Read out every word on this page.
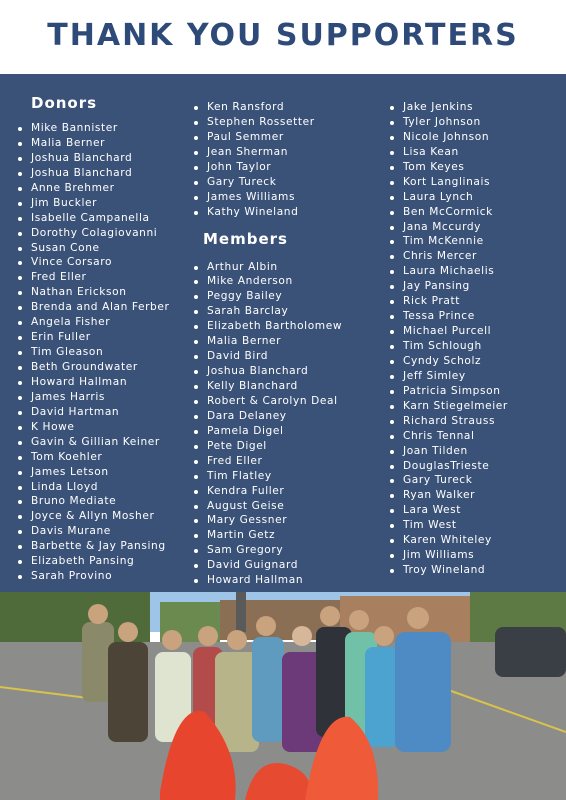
THANK YOU SUPPORTERS
Donors
Mike Bannister
Malia Berner
Joshua Blanchard
Joshua Blanchard
Anne Brehmer
Jim Buckler
Isabelle Campanella
Dorothy Colagiovanni
Susan Cone
Vince Corsaro
Fred Eller
Nathan Erickson
Brenda and Alan Ferber
Angela Fisher
Erin Fuller
Tim Gleason
Beth Groundwater
Howard Hallman
James Harris
David Hartman
K Howe
Gavin & Gillian Keiner
Tom Koehler
James Letson
Linda Lloyd
Bruno Mediate
Joyce & Allyn Mosher
Davis Murane
Barbette & Jay Pansing
Elizabeth Pansing
Sarah Provino
Ken Ransford
Stephen Rossetter
Paul Semmer
Jean Sherman
John Taylor
Gary Tureck
James Williams
Kathy Wineland
Members
Arthur Albin
Mike Anderson
Peggy Bailey
Sarah Barclay
Elizabeth Bartholomew
Malia Berner
David Bird
Joshua Blanchard
Kelly Blanchard
Robert & Carolyn Deal
Dara Delaney
Pamela Digel
Pete Digel
Fred Eller
Tim Flatley
Kendra Fuller
August Geise
Mary Gessner
Martin Getz
Sam Gregory
David Guignard
Howard Hallman
Jake Jenkins
Tyler Johnson
Nicole Johnson
Lisa Kean
Tom Keyes
Kort Langlinais
Laura Lynch
Ben McCormick
Jana Mccurdy
Tim McKennie
Chris Mercer
Laura Michaelis
Jay Pansing
Rick Pratt
Tessa Prince
Michael Purcell
Tim Schlough
Cyndy Scholz
Jeff Simley
Patricia Simpson
Karn Stiegelmeier
Richard Strauss
Chris Tennal
Joan Tilden
DouglasTrieste
Gary Tureck
Ryan Walker
Lara West
Tim West
Karen Whiteley
Jim Williams
Troy Wineland
